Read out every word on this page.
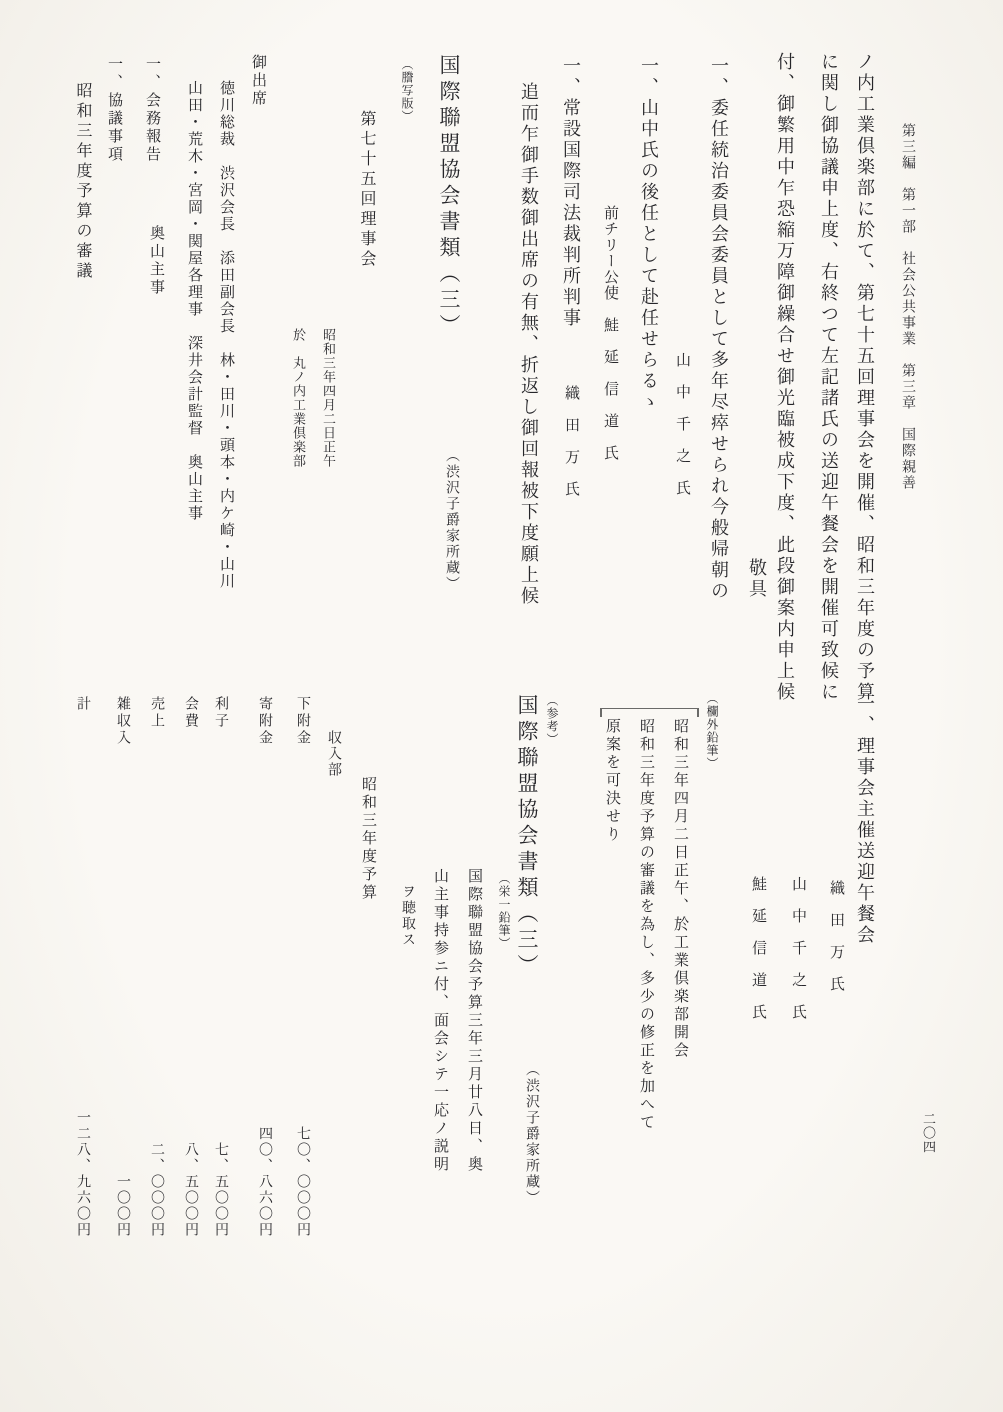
第三編　第一部　社会公共事業　第三章　国際親善
二〇四
ノ内工業倶楽部に於て、第七十五回理事会を開催、昭和三年度の予算
に関し御協議申上度、右終つて左記諸氏の送迎午餐会を開催可致候に
付、御繁用中乍恐縮万障御繰合せ御光臨被成下度、此段御案内申上候
敬具
一、委任統治委員会委員として多年尽瘁せられ今般帰朝の
山　中　千　之　氏
一、山中氏の後任として赴任せらるゝ
前チリー公使　鮭　延　信　道　氏
一、常設国際司法裁判所判事
織　田　万　氏
追而乍御手数御出席の有無、折返し御回報被下度願上候
国際聯盟協会書類（三）
（渋沢子爵家所蔵）
（謄写版）
第七十五回理事会
昭和三年四月二日正午
於　丸ノ内工業倶楽部
御出席
徳川総裁　渋沢会長　添田副会長　林・田川・頭本・内ケ崎・山川
山田・荒木・宮岡・関屋各理事　深井会計監督　奥山主事
一、会務報告
奥山主事
一、協議事項
昭和三年度予算の審議
一、理事会主催送迎午餐会
織　田　万　氏
山　中　千　之　氏
鮭　延　信　道　氏
（欄外鉛筆）
昭和三年四月二日正午、於工業倶楽部開会
昭和三年度予算の審議を為し、多少の修正を加へて
原案を可決せり
（参考）
国際聯盟協会書類（三）
（渋沢子爵家所蔵）
（栄一鉛筆）
国際聯盟協会予算三年三月廿八日、奥
山主事持参ニ付、面会シテ一応ノ説明
ヲ聴取ス
昭和三年度予算
収入部
下附金
七〇、〇〇〇円
寄附金
四〇、八六〇円
利子
七、五〇〇円
会費
八、五〇〇円
売上
二、〇〇〇円
雑収入
一〇〇円
計
一二八、九六〇円
